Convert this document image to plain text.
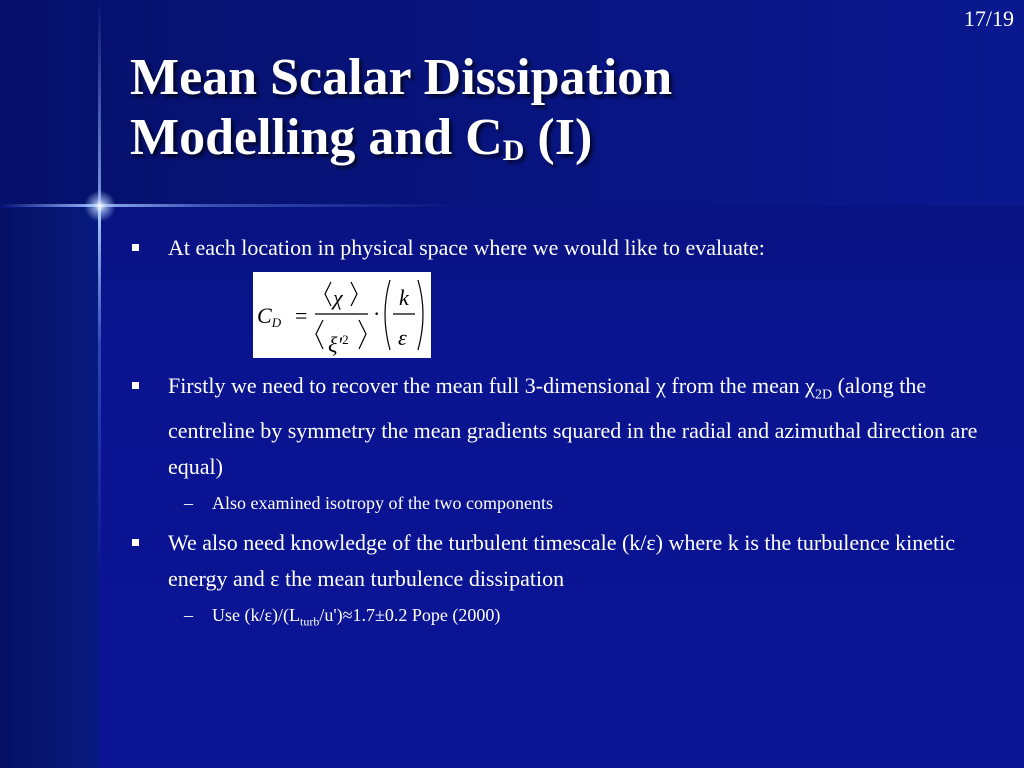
17/19
Mean Scalar Dissipation
Modelling and $C_D$ (I)
At each location in physical space where we would like to evaluate:
CD =
χ
$\xi'^2$
·
k
ε
Firstly we need to recover the mean full 3-dimensional χ from the mean $\chi_{2D}$ (along the centreline by symmetry the mean gradients squared in the radial and azimuthal direction are equal)
– Also examined isotropy of the two components
We also need knowledge of the turbulent timescale (k/ε) where k is the turbulence kinetic energy and ε the mean turbulence dissipation
– Use $(k/\varepsilon)/(L_{turb}/u')\approx 1.7\pm 0.2$ Pope (2000)
